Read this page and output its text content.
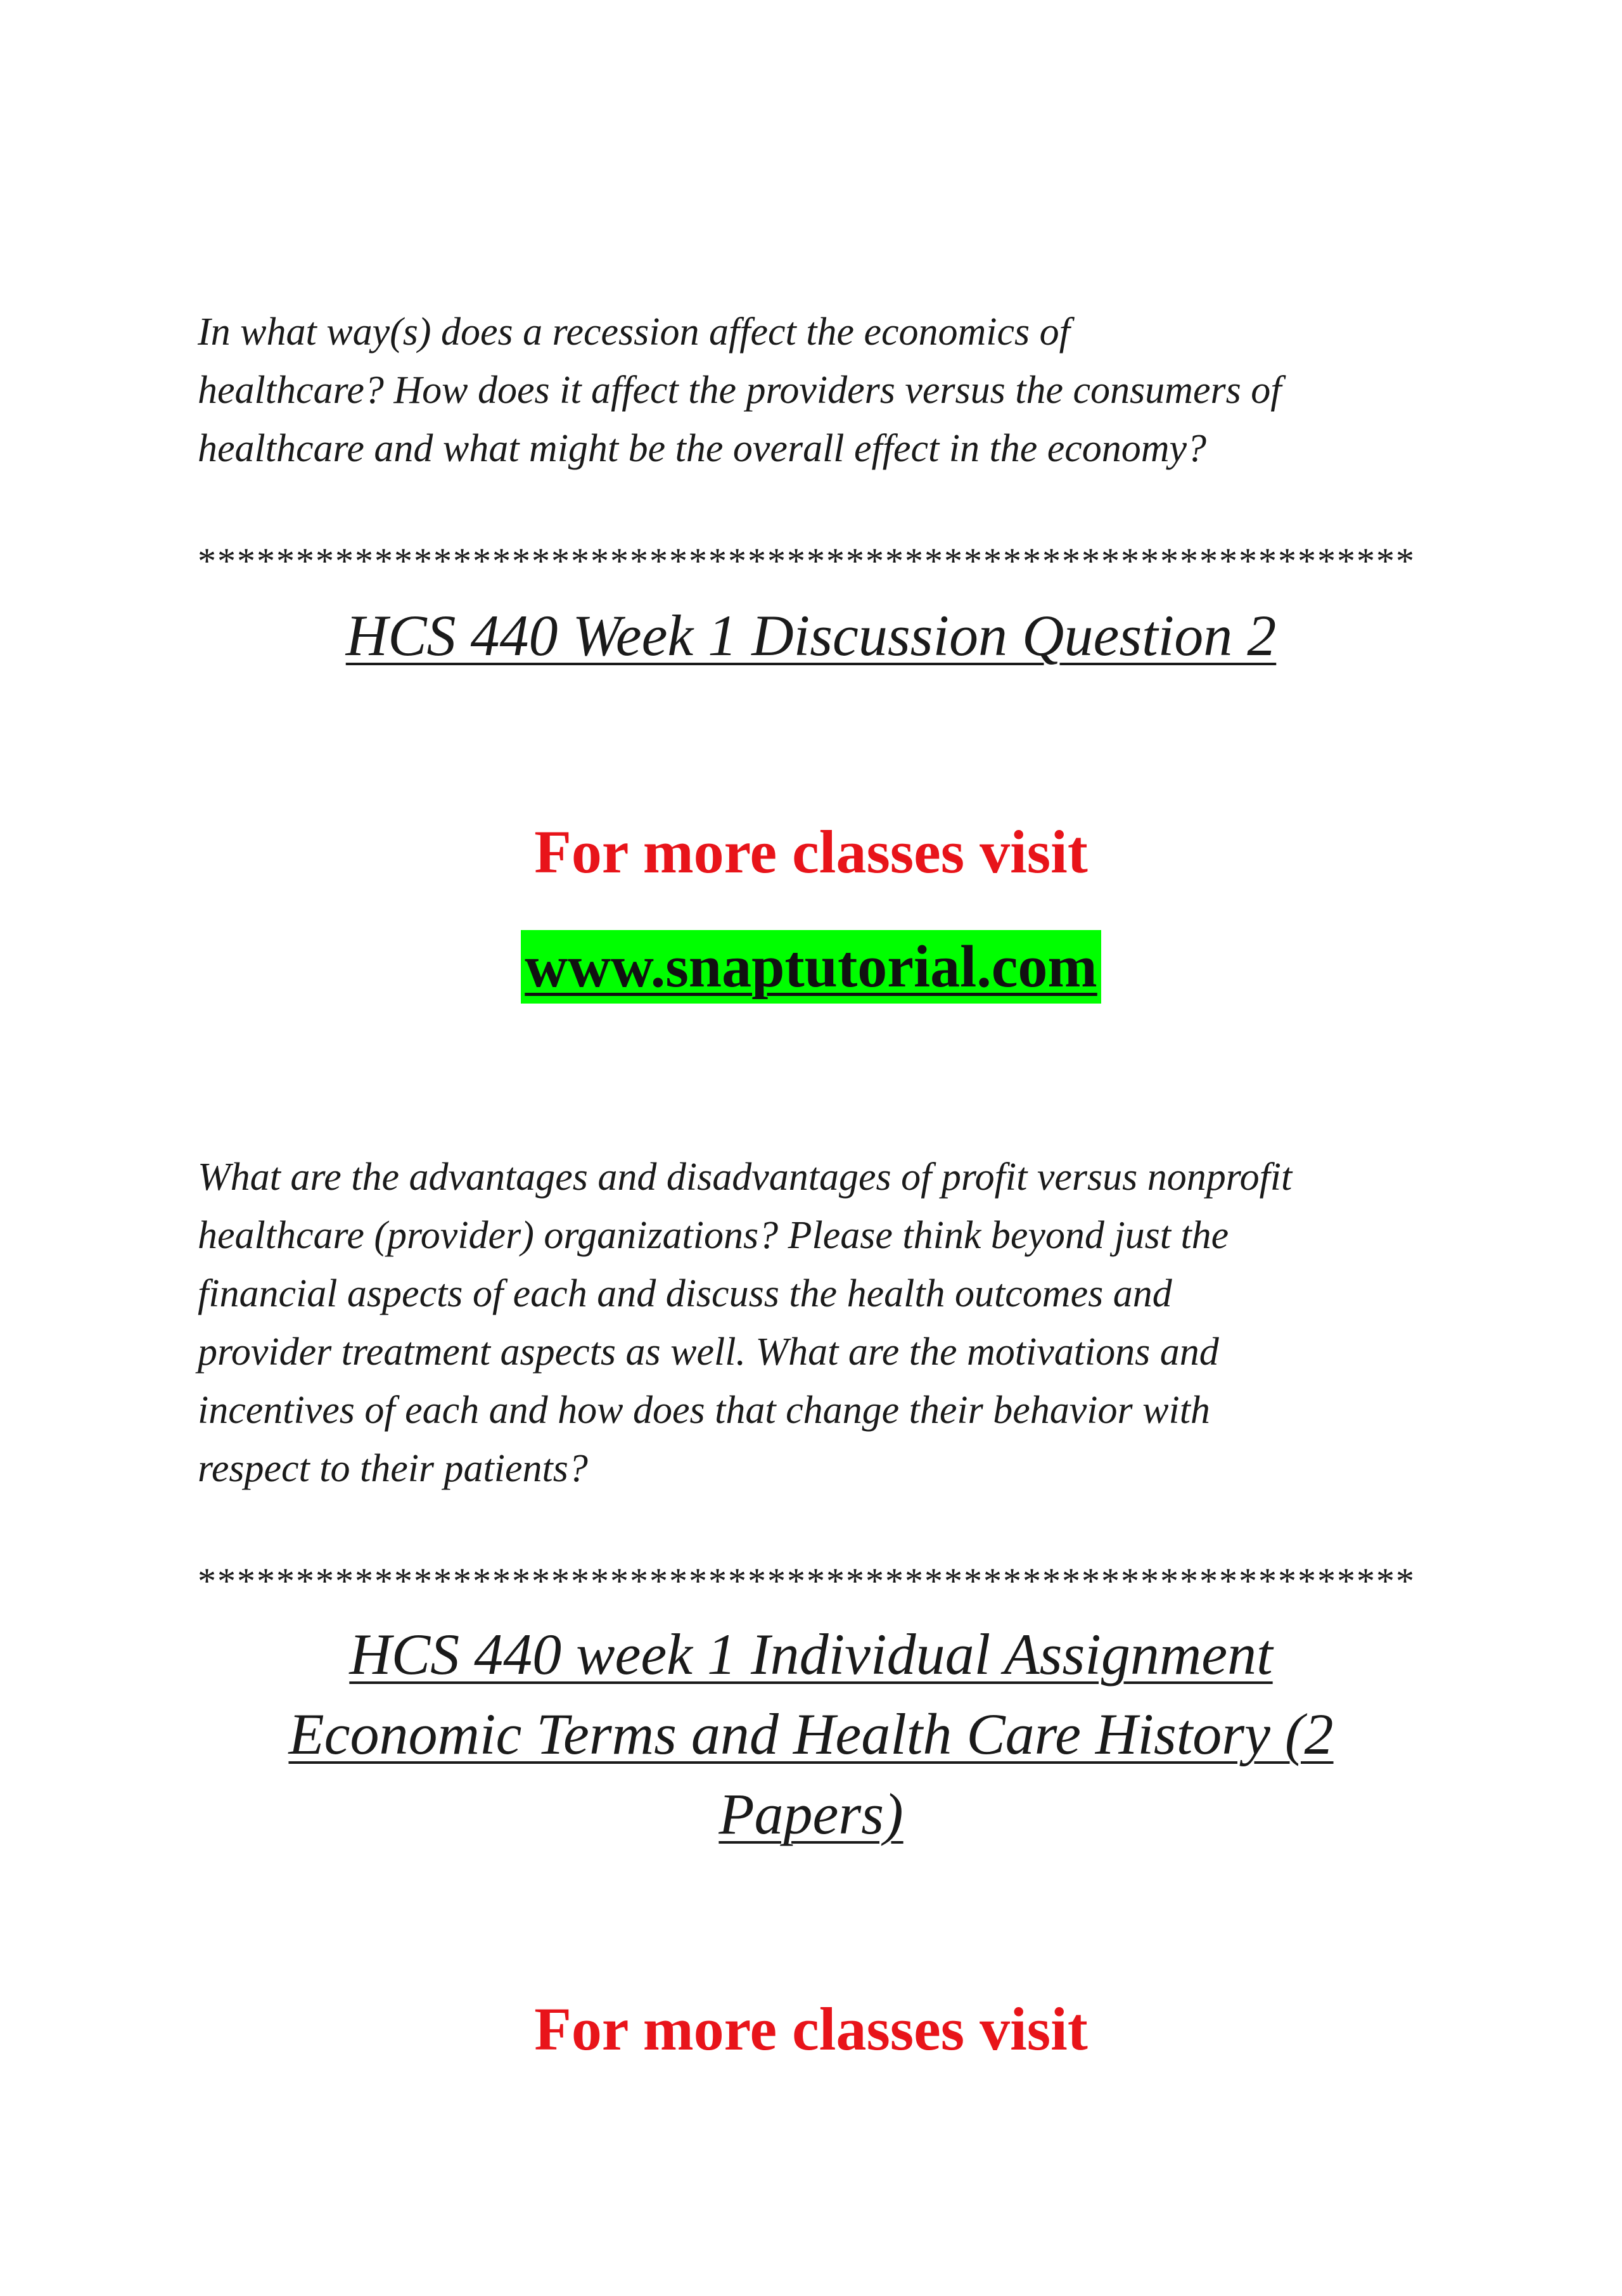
In what way(s) does a recession affect the economics of
healthcare? How does it affect the providers versus the consumers of
healthcare and what might be the overall effect in the economy?
**************************************************************
HCS 440 Week 1 Discussion Question 2
For more classes visit
www.snaptutorial.com
What are the advantages and disadvantages of profit versus nonprofit
healthcare (provider) organizations? Please think beyond just the
financial aspects of each and discuss the health outcomes and
provider treatment aspects as well. What are the motivations and
incentives of each and how does that change their behavior with
respect to their patients?
**************************************************************
HCS 440 week 1 Individual Assignment
Economic Terms and Health Care History (2
Papers)
For more classes visit
